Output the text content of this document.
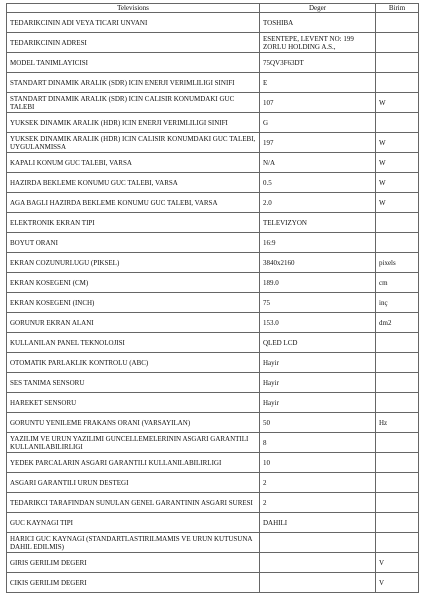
Televisions	Deger	Birim

TEDARIKCININ ADI VEYA TICARI UNVANI	TOSHIBA	

TEDARIKCININ ADRESI	ESENTEPE, LEVENT NO: 199 ZORLU HOLDING A.S.,	

MODEL TANIMLAYICISI	75QV3F63DT	

STANDART DINAMIK ARALIK (SDR) ICIN ENERJI VERIMLILIGI SINIFI	E	

STANDART DINAMIK ARALIK (SDR) ICIN CALISIR KONUMDAKI GUC TALEBI	107	W

YUKSEK DINAMIK ARALIK (HDR) ICIN ENERJI VERIMLILIGI SINIFI	G	

YUKSEK DINAMIK ARALIK (HDR) ICIN CALISIR KONUMDAKI GUC TALEBI, UYGULANMISSA	197	W

KAPALI KONUM GUC TALEBI, VARSA	N/A	W

HAZIRDA BEKLEME KONUMU GUC TALEBI, VARSA	0.5	W

AGA BAGLI HAZIRDA BEKLEME KONUMU GUC TALEBI, VARSA	2.0	W

ELEKTRONIK EKRAN TIPI	TELEVIZYON	

BOYUT ORANI	16:9	

EKRAN COZUNURLUGU (PIKSEL)	3840x2160	pixels

EKRAN KOSEGENI (CM)	189.0	cm

EKRAN KOSEGENI (INCH)	75	inç

GORUNUR EKRAN ALANI	153.0	dm2

KULLANILAN PANEL TEKNOLOJISI	QLED LCD	

OTOMATIK PARLAKLIK KONTROLU (ABC)	Hayir	

SES TANIMA SENSORU	Hayir	

HAREKET SENSORU	Hayir	

GORUNTU YENILEME FRAKANS ORANI (VARSAYILAN)	50	Hz

YAZILIM VE URUN YAZILIMI GUNCELLEMELERININ ASGARI GARANTILI KULLANILABILIRLIGI	8	

YEDEK PARCALARIN ASGARI GARANTILI KULLANILABILIRLIGI	10	

ASGARI GARANTILI URUN DESTEGI	2	

TEDARIKCI TARAFINDAN SUNULAN GENEL GARANTININ ASGARI SURESI	2	

GUC KAYNAGI TIPI	DAHILI	

HARICI GUC KAYNAGI (STANDARTLASTIRILMAMIS VE URUN KUTUSUNA DAHIL EDILMIS)		

GIRIS GERILIM DEGERI		V

CIKIS GERILIM DEGERI		V
